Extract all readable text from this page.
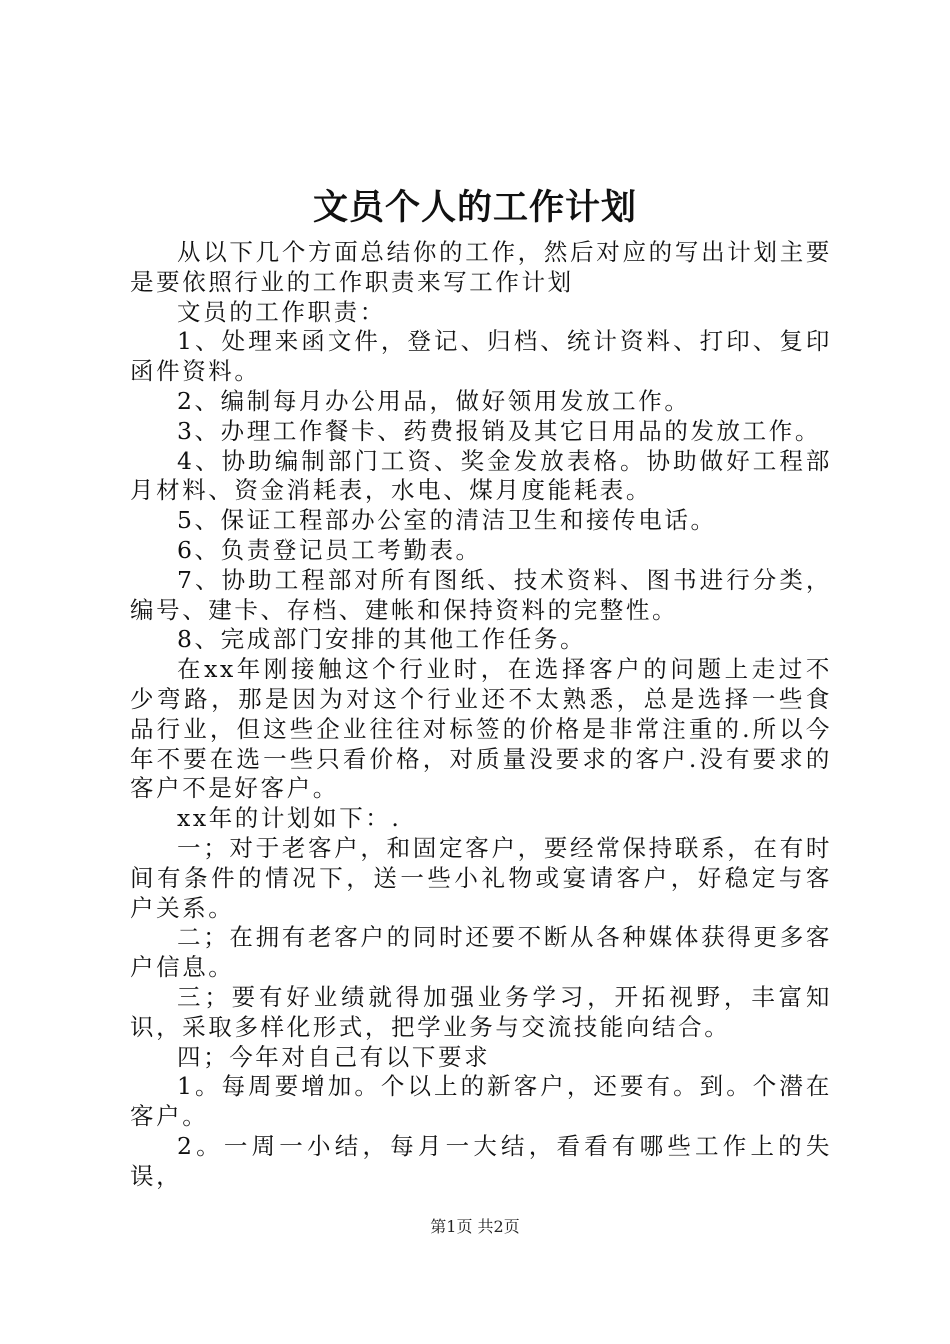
文员个人的工作计划

从以下几个方面总结你的工作，然后对应的写出计划主要是要依照行业的工作职责来写工作计划

文员的工作职责：

1、处理来函文件，登记、归档、统计资料、打印、复印函件资料。

2、编制每月办公用品，做好领用发放工作。

3、办理工作餐卡、药费报销及其它日用品的发放工作。

4、协助编制部门工资、奖金发放表格。协助做好工程部月材料、资金消耗表，水电、煤月度能耗表。

5、保证工程部办公室的清洁卫生和接传电话。

6、负责登记员工考勤表。

7、协助工程部对所有图纸、技术资料、图书进行分类，编号、建卡、存档、建帐和保持资料的完整性。

8、完成部门安排的其他工作任务。

在xx年刚接触这个行业时，在选择客户的问题上走过不少弯路，那是因为对这个行业还不太熟悉，总是选择一些食品行业，但这些企业往往对标签的价格是非常注重的.所以今年不要在选一些只看价格，对质量没要求的客户.没有要求的客户不是好客户。

xx年的计划如下：.

一；对于老客户，和固定客户，要经常保持联系，在有时间有条件的情况下，送一些小礼物或宴请客户，好稳定与客户关系。

二；在拥有老客户的同时还要不断从各种媒体获得更多客户信息。

三；要有好业绩就得加强业务学习，开拓视野，丰富知识，采取多样化形式，把学业务与交流技能向结合。

四；今年对自己有以下要求

1。每周要增加。个以上的新客户，还要有。到。个潜在客户。

2。一周一小结，每月一大结，看看有哪些工作上的失误，

第1页 共2页
